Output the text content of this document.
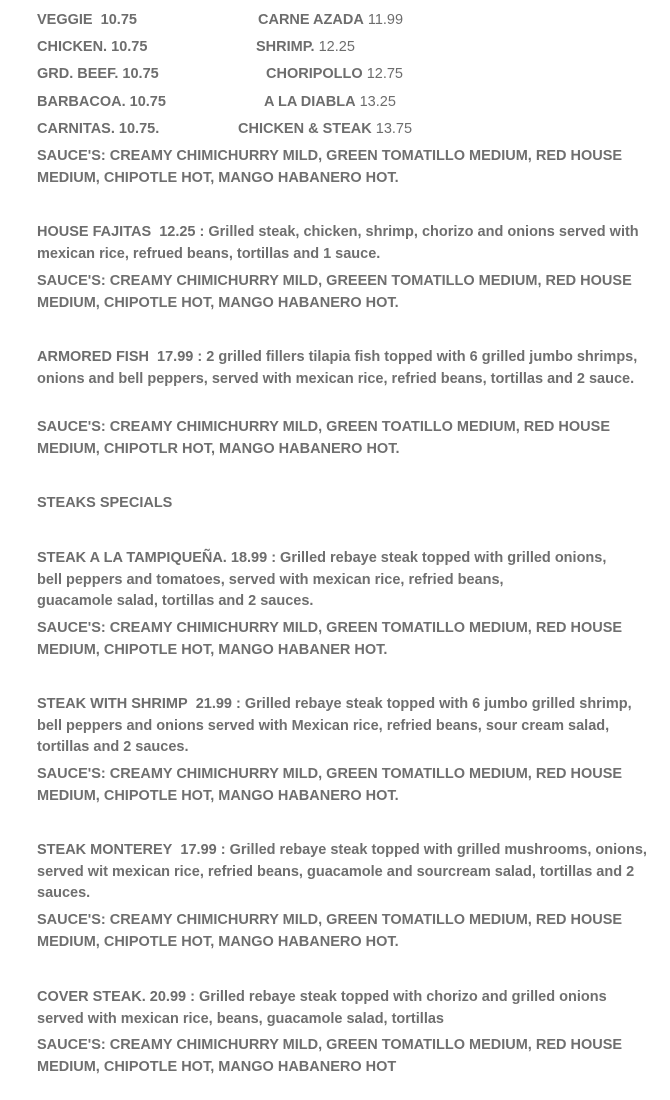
VEGGIE 10.75	CARNE AZADA 11.99
CHICKEN. 10.75	SHRIMP. 12.25
GRD. BEEF. 10.75	CHORIPOLLO 12.75
BARBACOA. 10.75	A LA DIABLA 13.25
CARNITAS. 10.75.	CHICKEN & STEAK 13.75
SAUCE'S: CREAMY CHIMICHURRY MILD, GREEN TOMATILLO MEDIUM, RED HOUSE MEDIUM, CHIPOTLE HOT, MANGO HABANERO HOT.
HOUSE FAJITAS 12.25 : Grilled steak, chicken, shrimp, chorizo and onions served with mexican rice, refrued beans, tortillas and 1 sauce.
SAUCE'S: CREAMY CHIMICHURRY MILD, GREEEN TOMATILLO MEDIUM, RED HOUSE MEDIUM, CHIPOTLE HOT, MANGO HABANERO HOT.
ARMORED FISH 17.99 : 2 grilled fillers tilapia fish topped with 6 grilled jumbo shrimps, onions and bell peppers, served with mexican rice, refried beans, tortillas and 2 sauce.
SAUCE'S: CREAMY CHIMICHURRY MILD, GREEN TOATILLO MEDIUM, RED HOUSE MEDIUM, CHIPOTLR HOT, MANGO HABANERO HOT.
STEAKS SPECIALS
STEAK A LA TAMPIQUEÑA. 18.99 : Grilled rebaye steak topped with grilled onions,
bell peppers and tomatoes, served with mexican rice, refried beans,
guacamole salad, tortillas and 2 sauces.
SAUCE'S: CREAMY CHIMICHURRY MILD, GREEN TOMATILLO MEDIUM, RED HOUSE MEDIUM, CHIPOTLE HOT, MANGO HABANER HOT.
STEAK WITH SHRIMP 21.99 : Grilled rebaye steak topped with 6 jumbo grilled shrimp, bell peppers and onions served with Mexican rice, refried beans, sour cream salad, tortillas and 2 sauces.
SAUCE'S: CREAMY CHIMICHURRY MILD, GREEN TOMATILLO MEDIUM, RED HOUSE MEDIUM, CHIPOTLE HOT, MANGO HABANERO HOT.
STEAK MONTEREY 17.99 : Grilled rebaye steak topped with grilled mushrooms, onions, served wit mexican rice, refried beans, guacamole and sourcream salad, tortillas and 2 sauces.
SAUCE'S: CREAMY CHIMICHURRY MILD, GREEN TOMATILLO MEDIUM, RED HOUSE MEDIUM, CHIPOTLE HOT, MANGO HABANERO HOT.
COVER STEAK. 20.99 : Grilled rebaye steak topped with chorizo and grilled onions served with mexican rice, beans, guacamole salad, tortillas
SAUCE'S: CREAMY CHIMICHURRY MILD, GREEN TOMATILLO MEDIUM, RED HOUSE MEDIUM, CHIPOTLE HOT, MANGO HABANERO HOT
